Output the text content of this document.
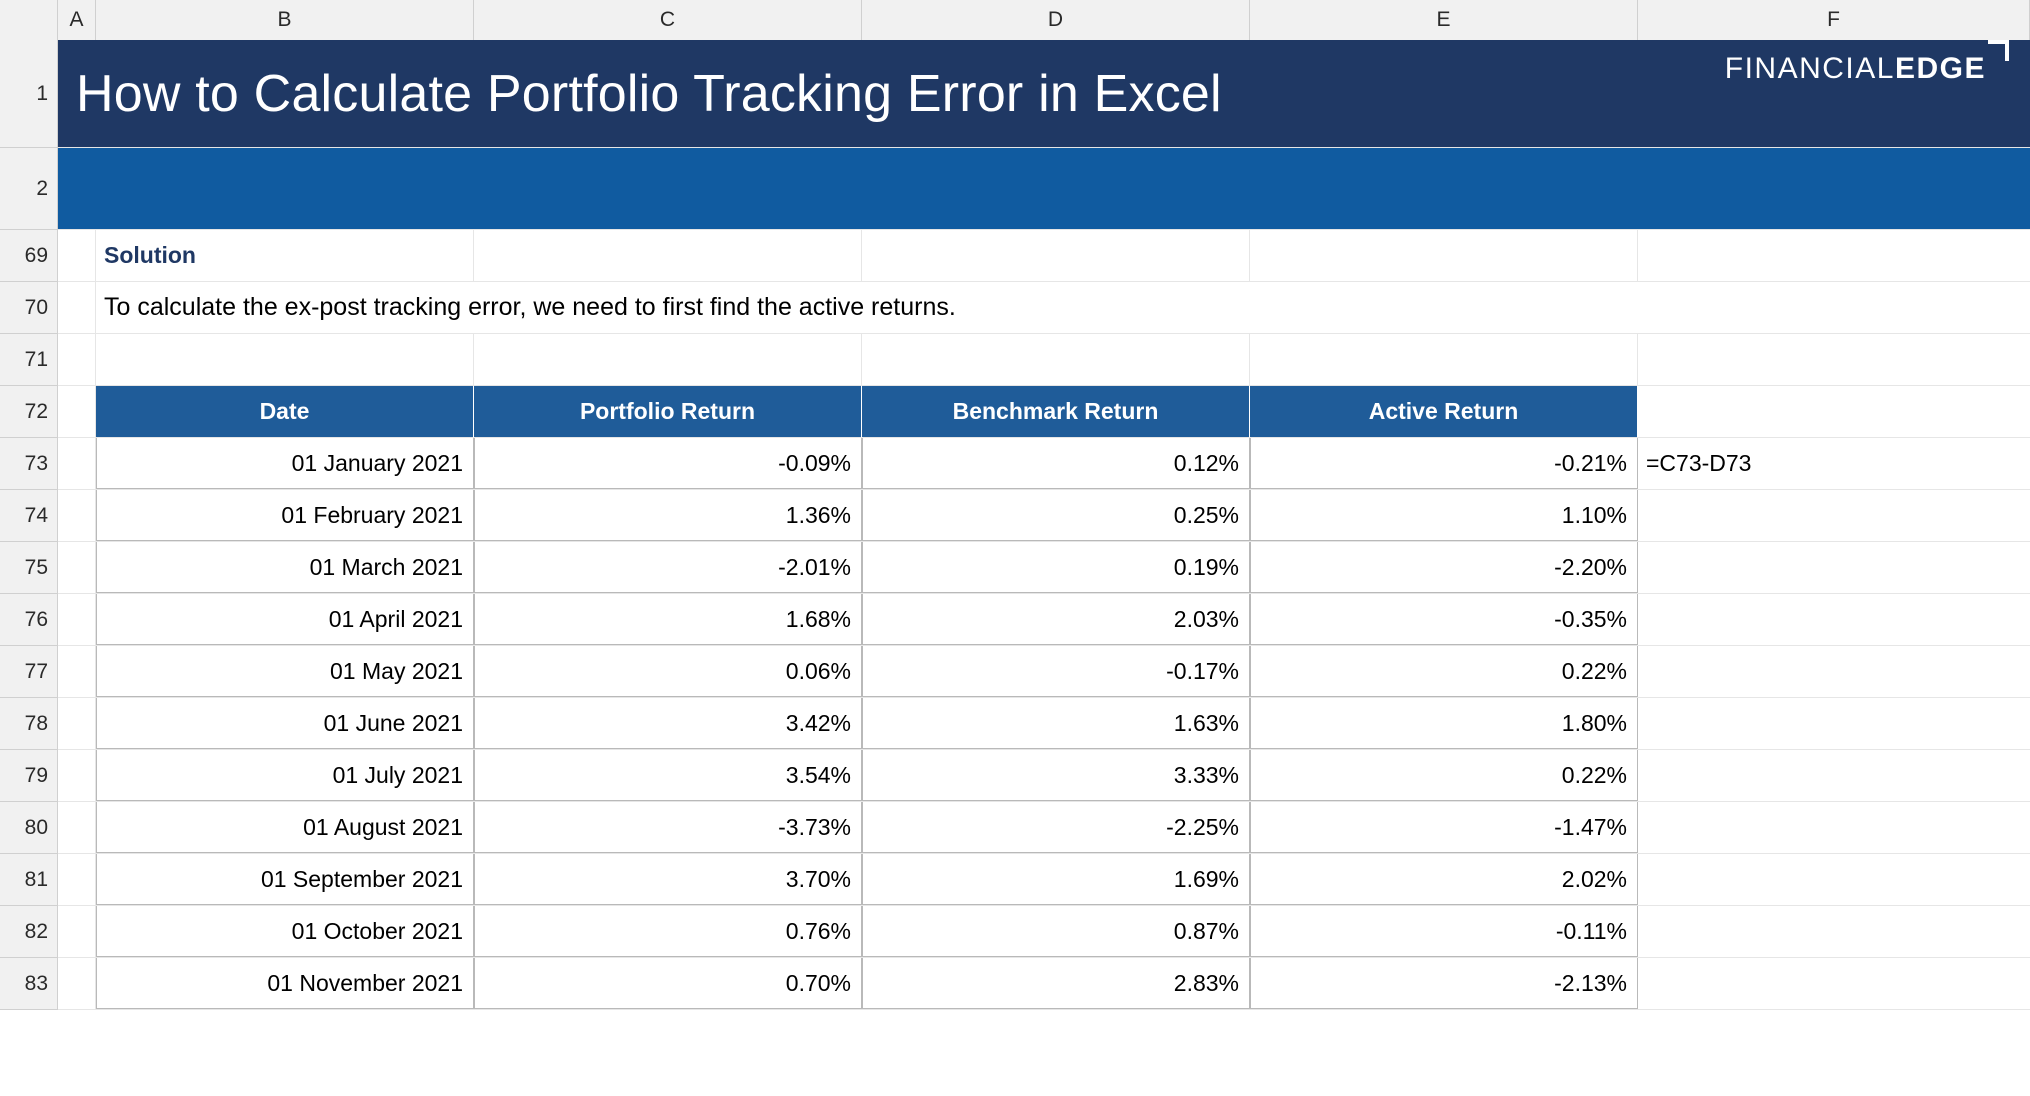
A	B	C	D	E	F
1
2
69
70
71
72
73
74
75
76
77
78
79
80
81
82
83
How to Calculate Portfolio Tracking Error in Excel	FINANCIAL EDGE
Solution
To calculate the ex-post tracking error, we need to first find the active returns.
Date	Portfolio Return	Benchmark Return	Active Return
01 January 2021	-0.09%	0.12%	-0.21% =C73-D73
01 February 2021	1.36%	0.25%	1.10%
01 March 2021	-2.01%	0.19%	-2.20%
01 April 2021	1.68%	2.03%	-0.35%
01 May 2021	0.06%	-0.17%	0.22%
01 June 2021	3.42%	1.63%	1.80%
01 July 2021	3.54%	3.33%	0.22%
01 August 2021	-3.73%	-2.25%	-1.47%
01 September 2021	3.70%	1.69%	2.02%
01 October 2021	0.76%	0.87%	-0.11%
01 November 2021	0.70%	2.83%	-2.13%
